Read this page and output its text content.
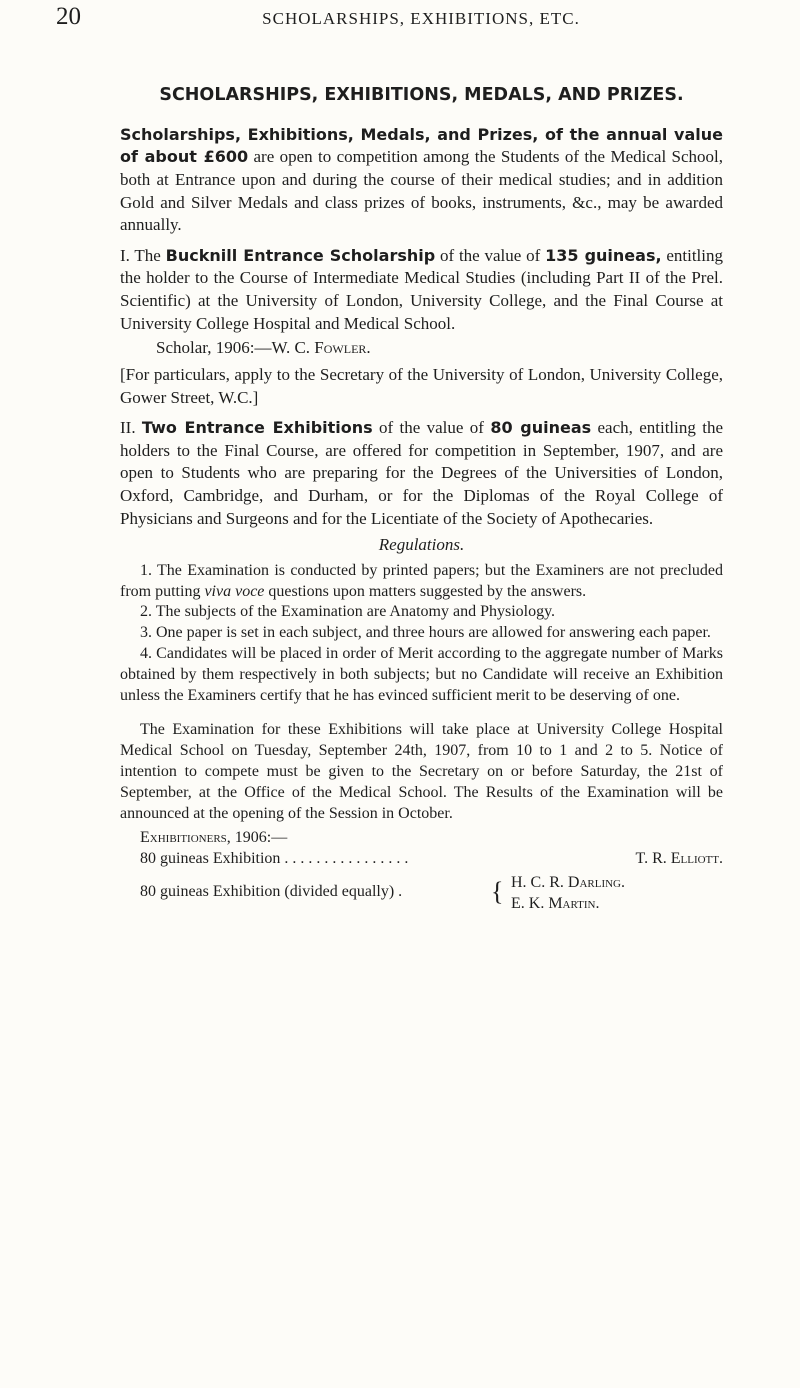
20	SCHOLARSHIPS, EXHIBITIONS, ETC.
SCHOLARSHIPS, EXHIBITIONS, MEDALS, AND PRIZES.

Scholarships, Exhibitions, Medals, and Prizes, of the annual value of about £600 are open to competition among the Students of the Medical School, both at Entrance upon and during the course of their medical studies; and in addition Gold and Silver Medals and class prizes of books, instruments, &c., may be awarded annually.

I. The Bucknill Entrance Scholarship of the value of 135 guineas, entitling the holder to the Course of Intermediate Medical Studies (including Part II of the Prel. Scientific) at the University of London, University College, and the Final Course at University College Hospital and Medical School.

Scholar, 1906:—W. C. Fowler.

[For particulars, apply to the Secretary of the University of London, University College, Gower Street, W.C.]

II. Two Entrance Exhibitions of the value of 80 guineas each, entitling the holders to the Final Course, are offered for competition in September, 1907, and are open to Students who are preparing for the Degrees of the Universities of London, Oxford, Cambridge, and Durham, or for the Diplomas of the Royal College of Physicians and Surgeons and for the Licentiate of the Society of Apothecaries.

Regulations.

1. The Examination is conducted by printed papers; but the Examiners are not precluded from putting viva voce questions upon matters suggested by the answers.

2. The subjects of the Examination are Anatomy and Physiology.

3. One paper is set in each subject, and three hours are allowed for answering each paper.

4. Candidates will be placed in order of Merit according to the aggregate number of Marks obtained by them respectively in both subjects; but no Candidate will receive an Exhibition unless the Examiners certify that he has evinced sufficient merit to be deserving of one.

The Examination for these Exhibitions will take place at University College Hospital Medical School on Tuesday, September 24th, 1907, from 10 to 1 and 2 to 5. Notice of intention to compete must be given to the Secretary on or before Saturday, the 21st of September, at the Office of the Medical School. The Results of the Examination will be announced at the opening of the Session in October.

Exhibitioners, 1906:—

80 guineas Exhibition . . . . . . . . . . . . . . . .	T. R. Elliott.
80 guineas Exhibition (divided equally) .	{ H. C. R. Darling.
E. K. Martin.
